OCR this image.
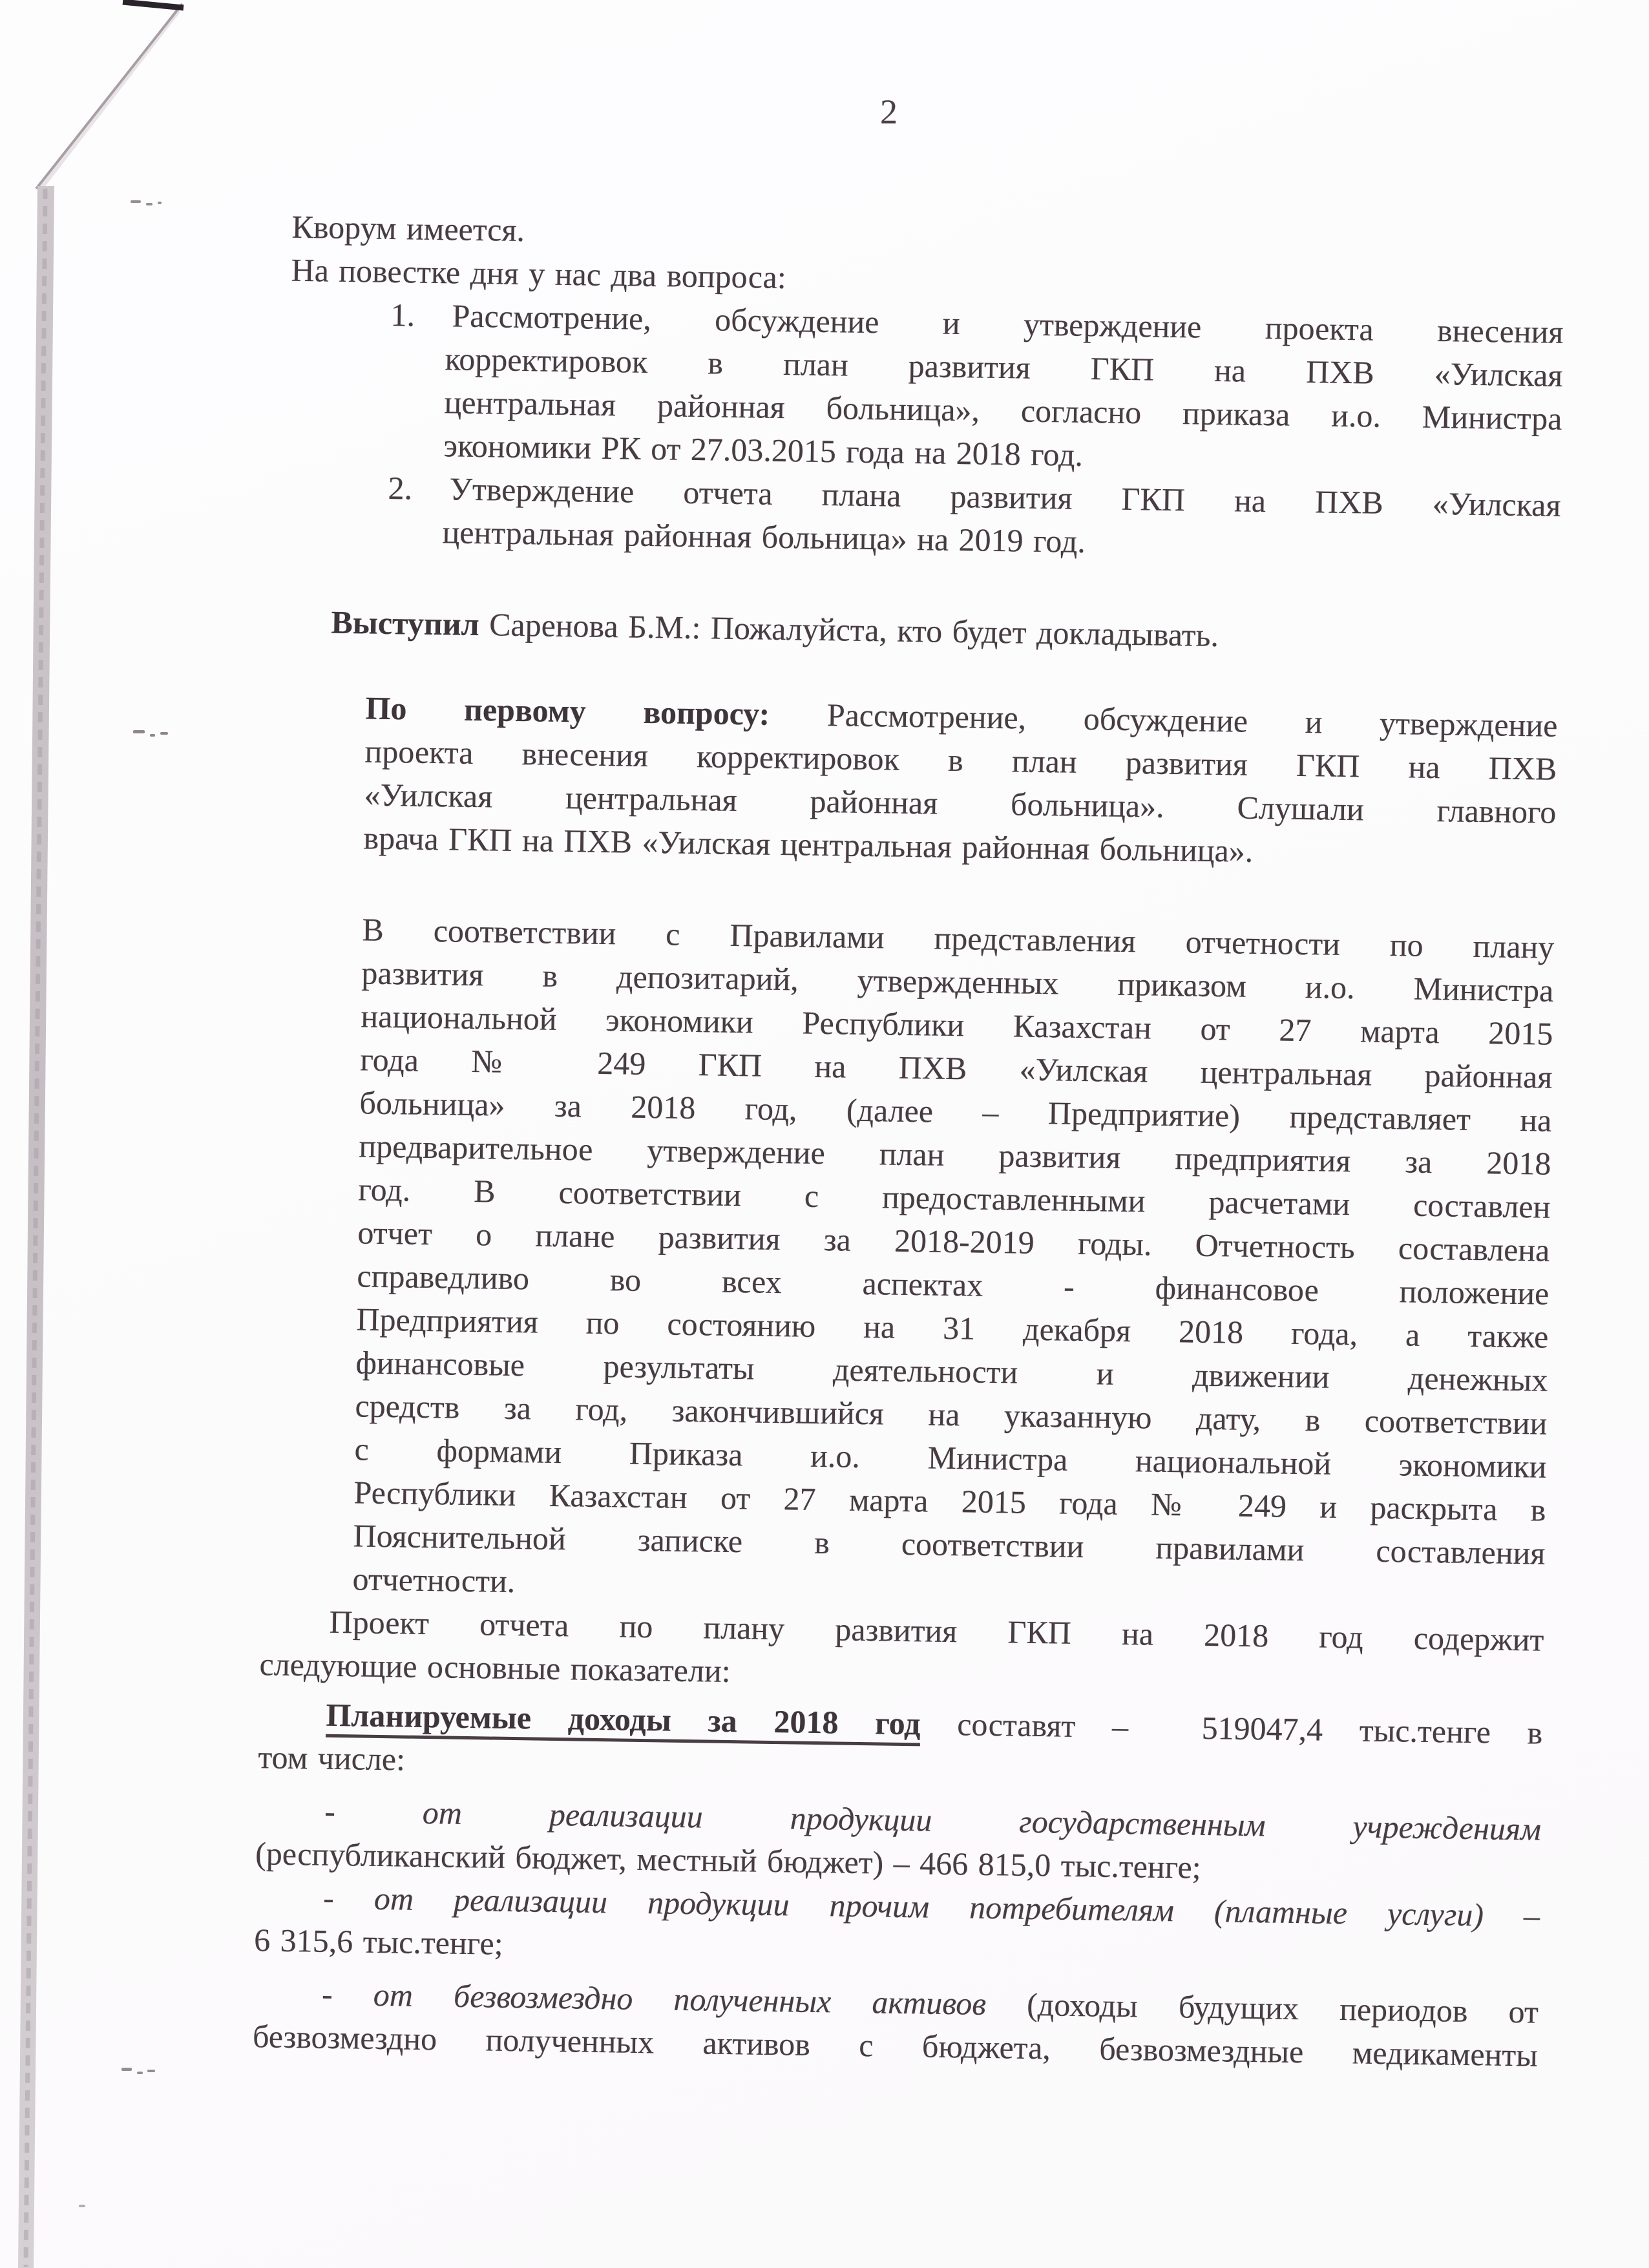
2
Кворум имеется.
На повестке дня у нас два вопроса:
1. Рассмотрение, обсуждение и утверждение проекта внесения
корректировок в план развития ГКП на ПХВ «Уилская
центральная районная больница», согласно приказа и.о. Министра
экономики РК от 27.03.2015 года на 2018 год.
2. Утверждение отчета плана развития ГКП на ПХВ «Уилская
центральная районная больница» на 2019 год.
Выступил Саренова Б.М.: Пожалуйста, кто будет докладывать.
По первому вопросу: Рассмотрение, обсуждение и утверждение
проекта внесения корректировок в план развития ГКП на ПХВ
«Уилская центральная районная больница». Слушали главного
врача ГКП на ПХВ «Уилская центральная районная больница».
В соответствии с Правилами представления отчетности по плану
развития в депозитарий, утвержденных приказом и.о. Министра
национальной экономики Республики Казахстан от 27 марта 2015
года № 249 ГКП на ПХВ «Уилская центральная районная
больница» за 2018 год, (далее – Предприятие) представляет на
предварительное утверждение план развития предприятия за 2018
год. В соответствии с предоставленными расчетами составлен
отчет о плане развития за 2018-2019 годы. Отчетность составлена
справедливо во всех аспектах - финансовое положение
Предприятия по состоянию на 31 декабря 2018 года, а также
финансовые результаты деятельности и движении денежных
средств за год, закончившийся на указанную дату, в соответствии
с формами Приказа и.о. Министра национальной экономики
Республики Казахстан от 27 марта 2015 года № 249 и раскрыта в
Пояснительной записке в соответствии правилами составления
отчетности.
Проект отчета по плану развития ГКП на 2018 год содержит
следующие основные показатели:
Планируемые доходы за 2018 год составят –  519047,4 тыс.тенге в
том числе:
- от реализации продукции государственным учреждениям
(республиканский бюджет, местный бюджет) – 466 815,0 тыс.тенге;
- от реализации продукции прочим потребителям (платные услуги) –
6 315,6 тыс.тенге;
- от безвозмездно полученных активов (доходы будущих периодов от
безвозмездно полученных активов с бюджета, безвозмездные медикаменты
